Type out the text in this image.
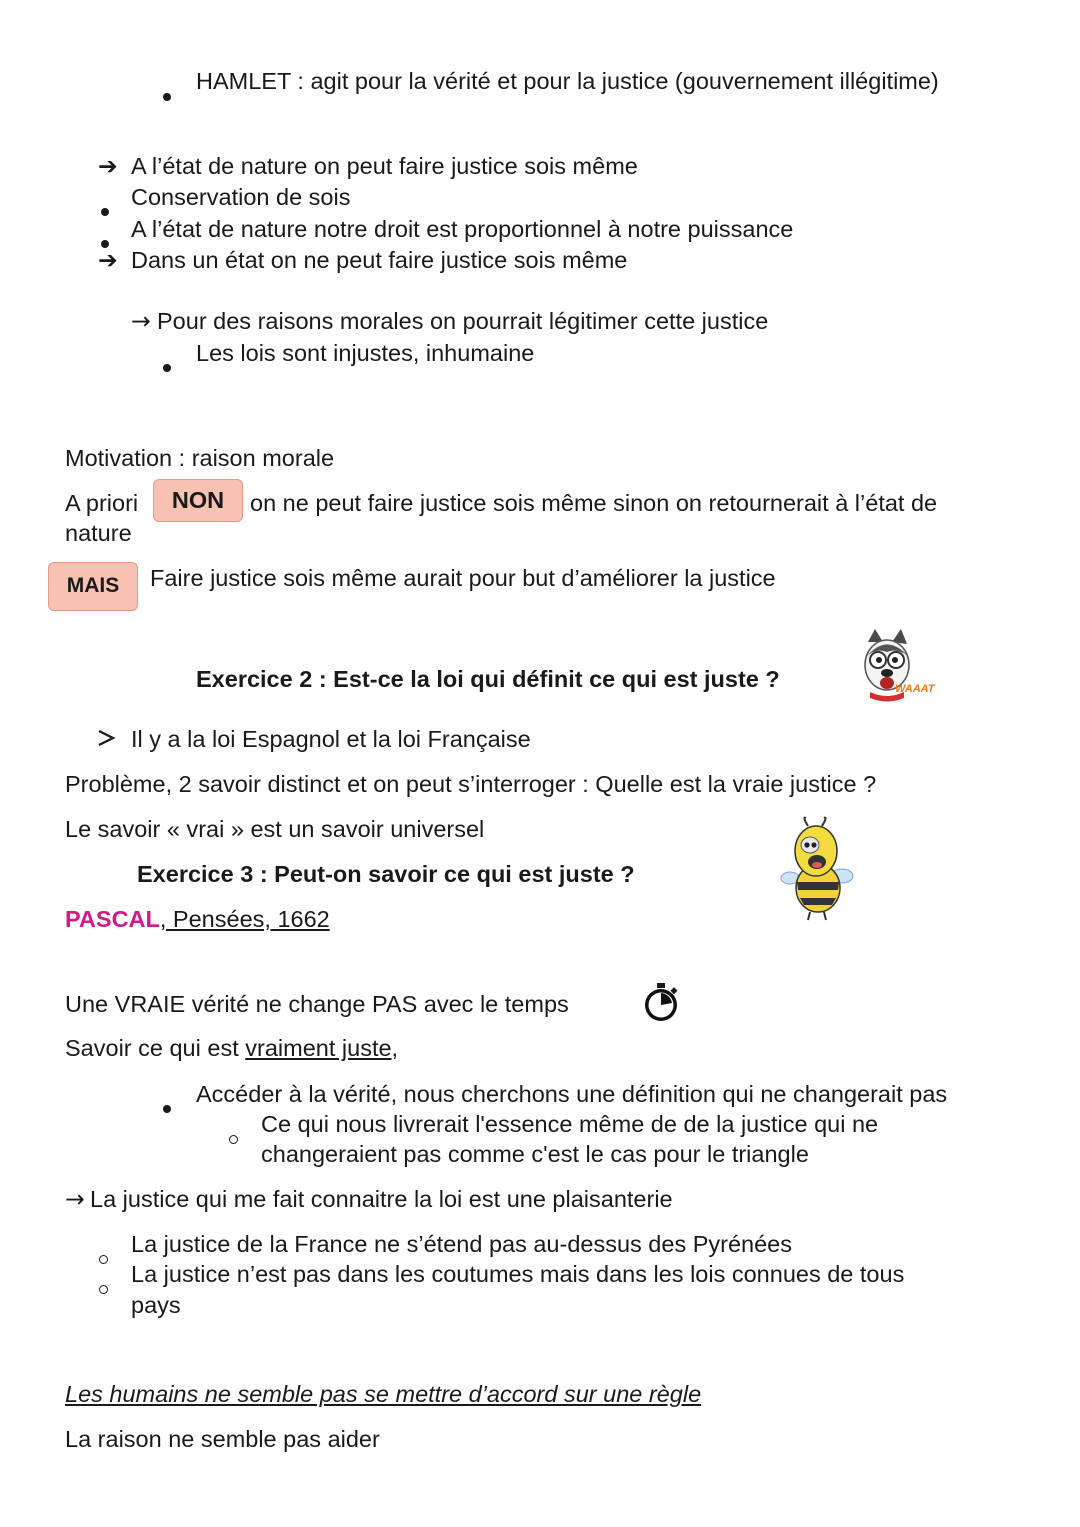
HAMLET : agit pour la vérité et pour la justice (gouvernement illégitime)
➔ A l’état de nature on peut faire justice sois même
Conservation de sois
A l’état de nature notre droit est proportionnel à notre puissance
➔ Dans un état on ne peut faire justice sois même
→ Pour des raisons morales on pourrait légitimer cette justice
Les lois sont injustes, inhumaine
Motivation : raison morale
A priori	NON	on ne peut faire justice sois même sinon on retournerait à l’état de
nature
MAIS	Faire justice sois même aurait pour but d’améliorer la justice
Exercice 2 : Est-ce la loi qui définit ce qui est juste ?	WAAAT
Il y a la loi Espagnol et la loi Française
Problème, 2 savoir distinct et on peut s’interroger : Quelle est la vraie justice ?
Le savoir « vrai » est un savoir universel
Exercice 3 : Peut-on savoir ce qui est juste ?
PASCAL, Pensées, 1662
Une VRAIE vérité ne change PAS avec le temps
Savoir ce qui est vraiment juste,
Accéder à la vérité, nous cherchons une définition qui ne changerait pas
Ce qui nous livrerait l'essence même de de la justice qui ne
changeraient pas comme c'est le cas pour le triangle
→ La justice qui me fait connaitre la loi est une plaisanterie
La justice de la France ne s’étend pas au-dessus des Pyrénées
La justice n’est pas dans les coutumes mais dans les lois connues de tous
pays
Les humains ne semble pas se mettre d’accord sur une règle
La raison ne semble pas aider
